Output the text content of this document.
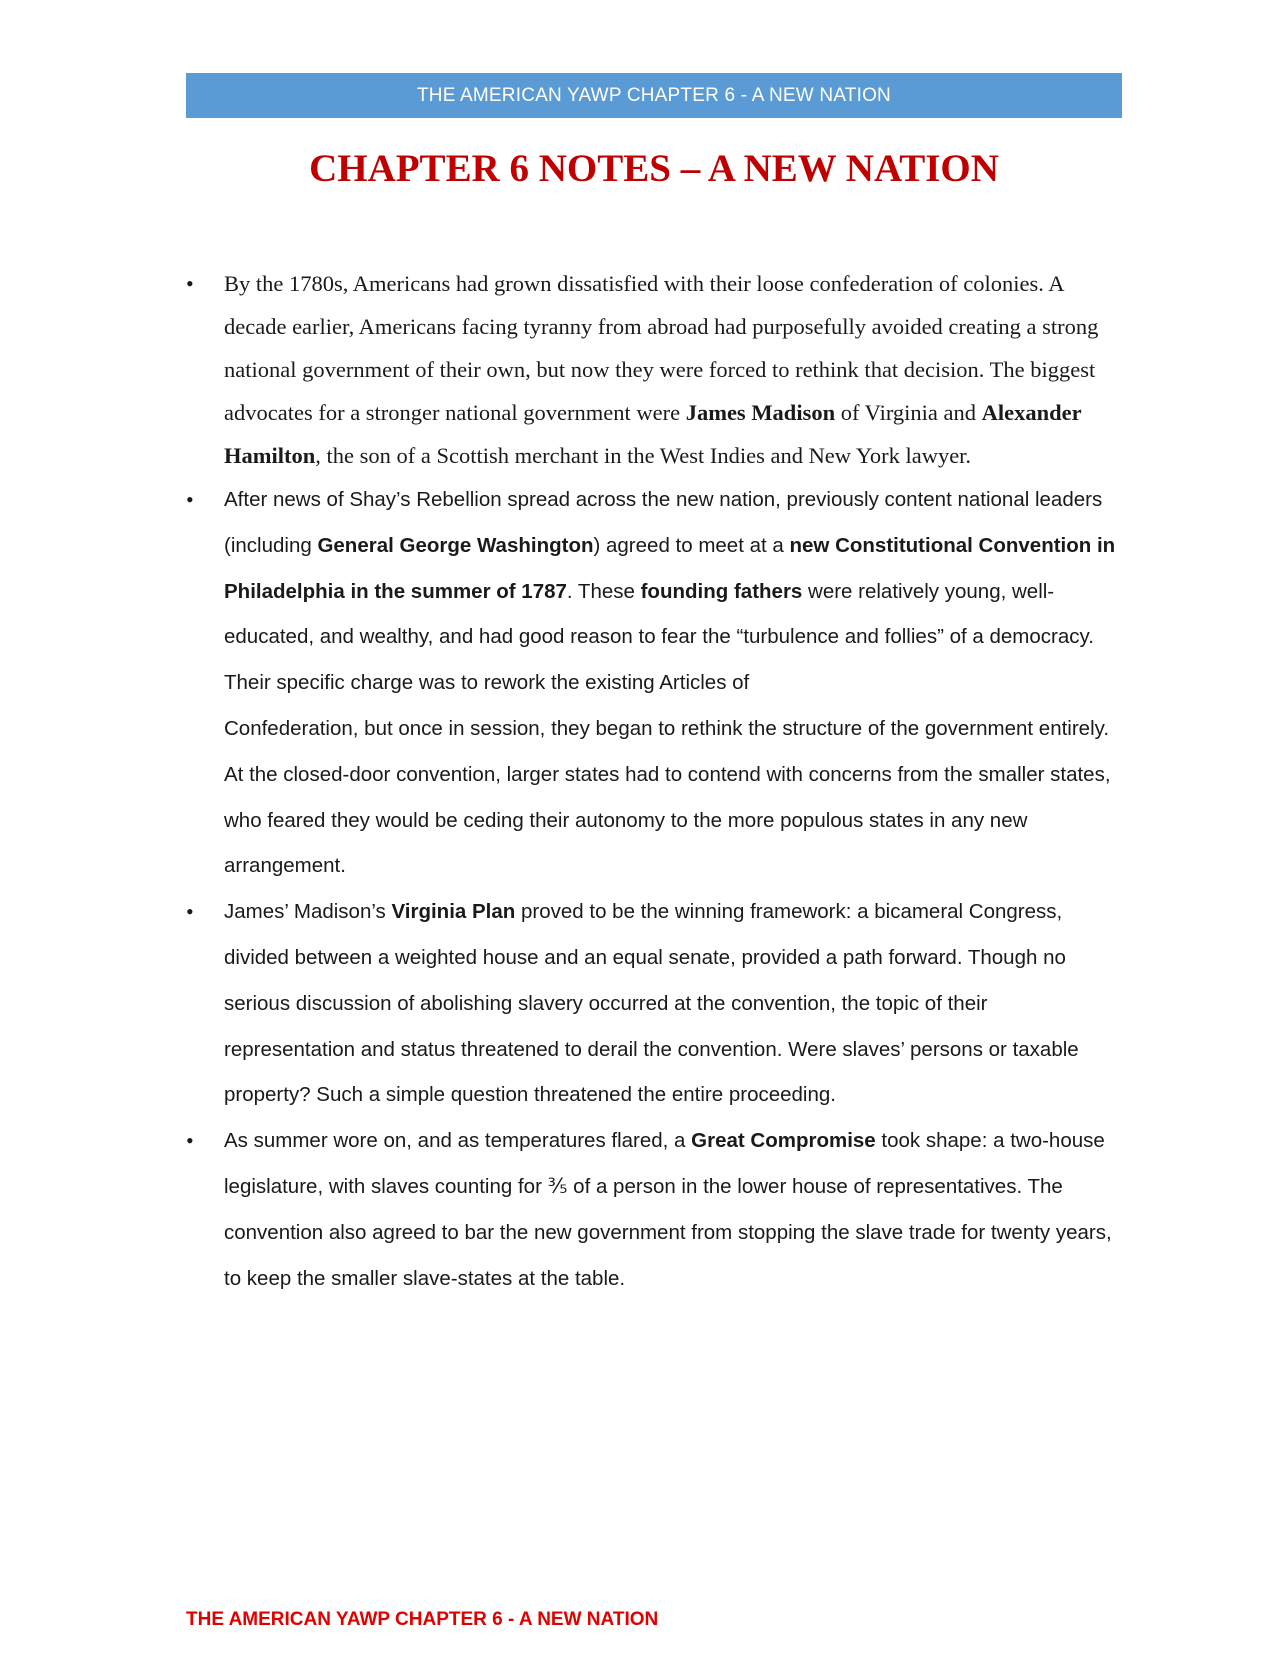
THE AMERICAN YAWP CHAPTER 6 - A NEW NATION
CHAPTER 6 NOTES – A NEW NATION
• By the 1780s, Americans had grown dissatisfied with their loose confederation of colonies. A decade earlier, Americans facing tyranny from abroad had purposefully avoided creating a strong national government of their own, but now they were forced to rethink that decision. The biggest advocates for a stronger national government were James Madison of Virginia and Alexander Hamilton, the son of a Scottish merchant in the West Indies and New York lawyer.
• After news of Shay’s Rebellion spread across the new nation, previously content national leaders (including General George Washington) agreed to meet at a new Constitutional Convention in Philadelphia in the summer of 1787. These founding fathers were relatively young, well-educated, and wealthy, and had good reason to fear the “turbulence and follies” of a democracy. Their specific charge was to rework the existing Articles of
Confederation, but once in session, they began to rethink the structure of the government entirely. At the closed-door convention, larger states had to contend with concerns from the smaller states, who feared they would be ceding their autonomy to the more populous states in any new arrangement.
• James’ Madison’s Virginia Plan proved to be the winning framework: a bicameral Congress, divided between a weighted house and an equal senate, provided a path forward. Though no serious discussion of abolishing slavery occurred at the convention, the topic of their representation and status threatened to derail the convention. Were slaves’ persons or taxable property? Such a simple question threatened the entire proceeding.
• As summer wore on, and as temperatures flared, a Great Compromise took shape: a two-house legislature, with slaves counting for ⅗ of a person in the lower house of representatives. The convention also agreed to bar the new government from stopping the slave trade for twenty years, to keep the smaller slave-states at the table.
THE AMERICAN YAWP CHAPTER 6 - A NEW NATION
